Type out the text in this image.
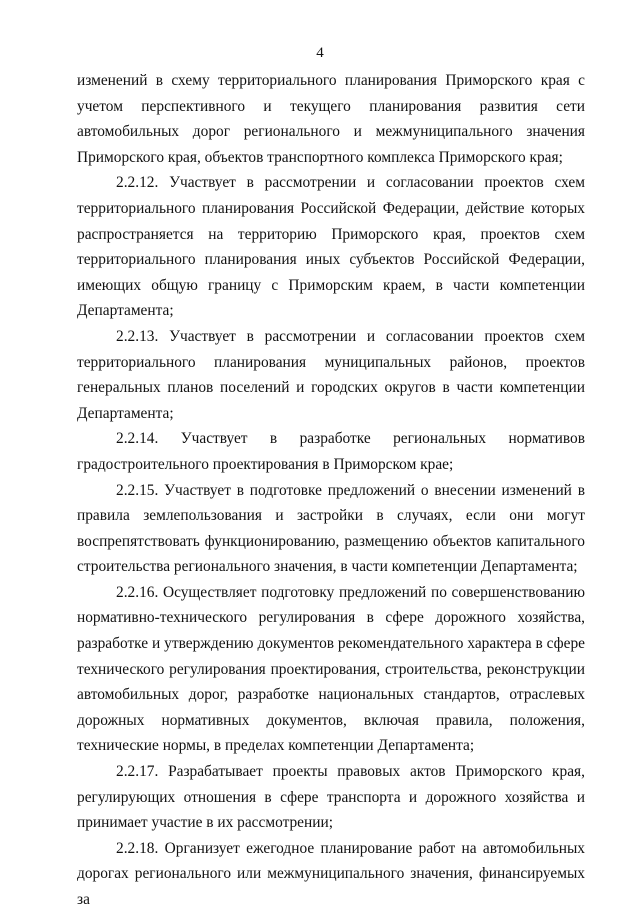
4

изменений в схему территориального планирования Приморского края с учетом перспективного и текущего планирования развития сети автомобильных дорог регионального и межмуниципального значения Приморского края, объектов транспортного комплекса Приморского края;

2.2.12. Участвует в рассмотрении и согласовании проектов схем территориального планирования Российской Федерации, действие которых распространяется на территорию Приморского края, проектов схем территориального планирования иных субъектов Российской Федерации, имеющих общую границу с Приморским краем, в части компетенции Департамента;

2.2.13. Участвует в рассмотрении и согласовании проектов схем территориального планирования муниципальных районов, проектов генеральных планов поселений и городских округов в части компетенции Департамента;

2.2.14. Участвует в разработке региональных нормативов градостроительного проектирования в Приморском крае;

2.2.15. Участвует в подготовке предложений о внесении изменений в правила землепользования и застройки в случаях, если они могут воспрепятствовать функционированию, размещению объектов капитального строительства регионального значения, в части компетенции Департамента;

2.2.16. Осуществляет подготовку предложений по совершенствованию нормативно-технического регулирования в сфере дорожного хозяйства, разработке и утверждению документов рекомендательного характера в сфере технического регулирования проектирования, строительства, реконструкции автомобильных дорог, разработке национальных стандартов, отраслевых дорожных нормативных документов, включая правила, положения, технические нормы, в пределах компетенции Департамента;

2.2.17. Разрабатывает проекты правовых актов Приморского края, регулирующих отношения в сфере транспорта и дорожного хозяйства и принимает участие в их рассмотрении;

2.2.18. Организует ежегодное планирование работ на автомобильных дорогах регионального или межмуниципального значения, финансируемых за
